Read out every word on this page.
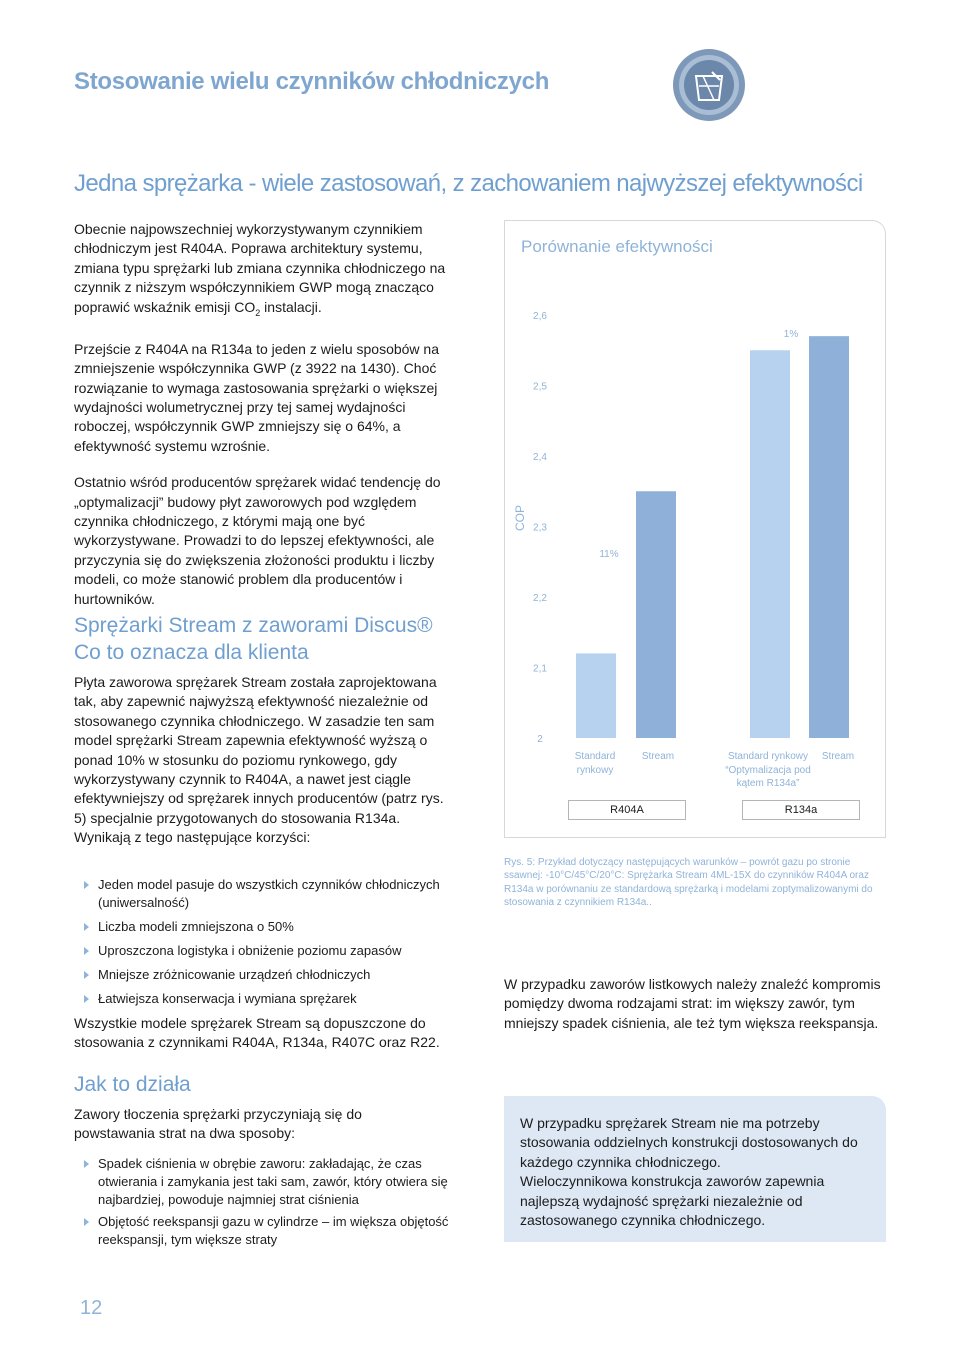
Stosowanie wielu czynników chłodniczych
Jedna sprężarka - wiele zastosowań, z zachowaniem najwyższej efektywności

Obecnie najpowszechniej wykorzystywanym czynnikiem chłodniczym jest R404A. Poprawa architektury systemu, zmiana typu sprężarki lub zmiana czynnika chłodniczego na czynnik z niższym współczynnikiem GWP mogą znacząco poprawić wskaźnik emisji $CO_2$ instalacji.

Przejście z R404A na R134a to jeden z wielu sposobów na zmniejszenie współczynnika GWP (z 3922 na 1430). Choć rozwiązanie to wymaga zastosowania sprężarki o większej wydajności wolumetrycznej przy tej samej wydajności roboczej, współczynnik GWP zmniejszy się o 64%, a efektywność systemu wzrośnie.

Ostatnio wśród producentów sprężarek widać tendencję do „optymalizacji” budowy płyt zaworowych pod względem czynnika chłodniczego, z którymi mają one być wykorzystywane. Prowadzi to do lepszej efektywności, ale przyczynia się do zwiększenia złożoności produktu i liczby modeli, co może stanowić problem dla producentów i hurtowników.

Sprężarki Stream z zaworami Discus®
Co to oznacza dla klienta
Płyta zaworowa sprężarek Stream została zaprojektowana tak, aby zapewnić najwyższą efektywność niezależnie od stosowanego czynnika chłodniczego. W zasadzie ten sam model sprężarki Stream zapewnia efektywność wyższą o ponad 10% w stosunku do poziomu rynkowego, gdy wykorzystywany czynnik to R404A, a nawet jest ciągle efektywniejszy od sprężarek innych producentów (patrz rys. 5) specjalnie przygotowanych do stosowania R134a. Wynikają z tego następujące korzyści:
Jeden model pasuje do wszystkich czynników chłodniczych (uniwersalność)
Liczba modeli zmniejszona o 50%
Uproszczona logistyka i obniżenie poziomu zapasów
Mniejsze zróżnicowanie urządzeń chłodniczych
Łatwiejsza konserwacja i wymiana sprężarek
Wszystkie modele sprężarek Stream są dopuszczone do stosowania z czynnikami R404A, R134a, R407C oraz R22.
Jak to działa
Zawory tłoczenia sprężarki przyczyniają się do powstawania strat na dwa sposoby:
Spadek ciśnienia w obrębie zaworu: zakładając, że czas otwierania i zamykania jest taki sam, zawór, który otwiera się najbardziej, powoduje najmniej strat ciśnienia
Objętość reekspansji gazu w cylindrze – im większa objętość reekspansji, tym większe straty
Porównanie efektywności
2,6
2,5
2,4
2,3
2,2
2,1
2
COP
11%
1%
Standard rynkowy
Stream	Standard rynkowy “Optymalizacja pod kątem R134a”
Stream
R404A	R134a
Rys. 5: Przykład dotyczący następujących warunków – powrót gazu po stronie ssawnej: -10°C/45°C/20°C: Sprężarka Stream 4ML-15X do czynników R404A oraz R134a w porównaniu ze standardową sprężarką i modelami zoptymalizowanymi do stosowania z czynnikiem R134a..
W przypadku zaworów listkowych należy znaleźć kompromis pomiędzy dwoma rodzajami strat: im większy zawór, tym mniejszy spadek ciśnienia, ale też tym większa reekspansja.

W przypadku sprężarek Stream nie ma potrzeby stosowania oddzielnych konstrukcji dostosowanych do każdego czynnika chłodniczego.

Wieloczynnikowa konstrukcja zaworów zapewnia najlepszą wydajność sprężarki niezależnie od zastosowanego czynnika chłodniczego.

12
